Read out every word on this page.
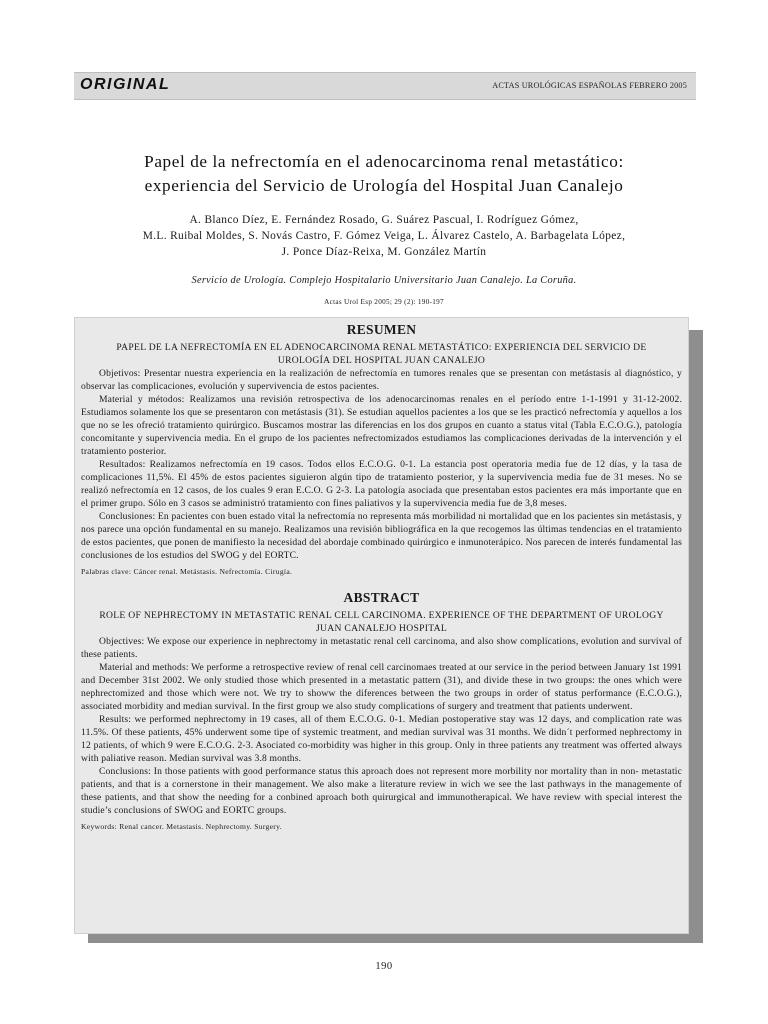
ORIGINAL	ACTAS UROLÓGICAS ESPAÑOLAS FEBRERO 2005
Papel de la nefrectomía en el adenocarcinoma renal metastático:
experiencia del Servicio de Urología del Hospital Juan Canalejo
A. Blanco Díez, E. Fernández Rosado, G. Suárez Pascual, I. Rodríguez Gómez,
M.L. Ruibal Moldes, S. Novás Castro, F. Gómez Veiga, L. Álvarez Castelo, A. Barbagelata López,
J. Ponce Díaz-Reixa, M. González Martín
Servicio de Urología. Complejo Hospitalario Universitario Juan Canalejo. La Coruña.
Actas Urol Esp 2005; 29 (2): 190-197
RESUMEN
PAPEL DE LA NEFRECTOMÍA EN EL ADENOCARCINOMA RENAL METASTÁTICO: EXPERIENCIA DEL SERVICIO DE UROLOGÍA DEL HOSPITAL JUAN CANALEJO

Objetivos: Presentar nuestra experiencia en la realización de nefrectomía en tumores renales que se presentan con metástasis al diagnóstico, y observar las complicaciones, evolución y supervivencia de estos pacientes.

Material y métodos: Realizamos una revisión retrospectiva de los adenocarcinomas renales en el período entre 1-1-1991 y 31-12-2002. Estudiamos solamente los que se presentaron con metástasis (31). Se estudian aquellos pacientes a los que se les practicó nefrectomía y aquellos a los que no se les ofreció tratamiento quirúrgico. Buscamos mostrar las diferencias en los dos grupos en cuanto a status vital (Tabla E.C.O.G.), patología concomitante y supervivencia media. En el grupo de los pacientes nefrectomizados estudiamos las complicaciones derivadas de la intervención y el tratamiento posterior.

Resultados: Realizamos nefrectomía en 19 casos. Todos ellos E.C.O.G. 0-1. La estancia post operatoria media fue de 12 días, y la tasa de complicaciones 11,5%. El 45% de estos pacientes siguieron algún tipo de tratamiento posterior, y la supervivencia media fue de 31 meses. No se realizó nefrectomía en 12 casos, de los cuales 9 eran E.C.O. G 2-3. La patología asociada que presentaban estos pacientes era más importante que en el primer grupo. Sólo en 3 casos se administró tratamiento con fines paliativos y la supervivencia media fue de 3,8 meses.

Conclusiones: En pacientes con buen estado vital la nefrectomía no representa más morbilidad ni mortalidad que en los pacientes sin metástasis, y nos parece una opción fundamental en su manejo. Realizamos una revisión bibliográfica en la que recogemos las últimas tendencias en el tratamiento de estos pacientes, que ponen de manifiesto la necesidad del abordaje combinado quirúrgico e inmunoterápico. Nos parecen de interés fundamental las conclusiones de los estudios del SWOG y del EORTC.

Palabras clave: Cáncer renal. Metástasis. Nefrectomía. Cirugía.
ABSTRACT
ROLE OF NEPHRECTOMY IN METASTATIC RENAL CELL CARCINOMA. EXPERIENCE OF THE DEPARTMENT OF UROLOGY JUAN CANALEJO HOSPITAL

Objectives: We expose our experience in nephrectomy in metastatic renal cell carcinoma, and also show complications, evolution and survival of these patients.

Material and methods: We performe a retrospective review of renal cell carcinomaes treated at our service in the period between January 1st 1991 and December 31st 2002. We only studied those which presented in a metastatic pattern (31), and divide these in two groups: the ones which were nephrectomized and those which were not. We try to showw the diferences between the two groups in order of status performance (E.C.O.G.), associated morbidity and median survival. In the first group we also study complications of surgery and treatment that patients underwent.

Results: we performed nephrectomy in 19 cases, all of them E.C.O.G. 0-1. Median postoperative stay was 12 days, and complication rate was 11.5%. Of these patients, 45% underwent some tipe of systemic treatment, and median survival was 31 months. We didn´t performed nephrectomy in 12 patients, of which 9 were E.C.O.G. 2-3. Asociated co-morbidity was higher in this group. Only in three patients any treatment was offerted always with paliative reason. Median survival was 3.8 months.

Conclusions: In those patients with good performance status this aproach does not represent more morbility nor mortality than in non- metastatic patients, and that is a cornerstone in their management. We also make a literature review in wich we see the last pathways in the managemente of these patients, and that show the needing for a conbined aproach both quirurgical and immunotherapical. We have review with special interest the studie’s conclusions of SWOG and EORTC groups.

Keywords: Renal cancer. Metastasis. Nephrectomy. Surgery.
190
